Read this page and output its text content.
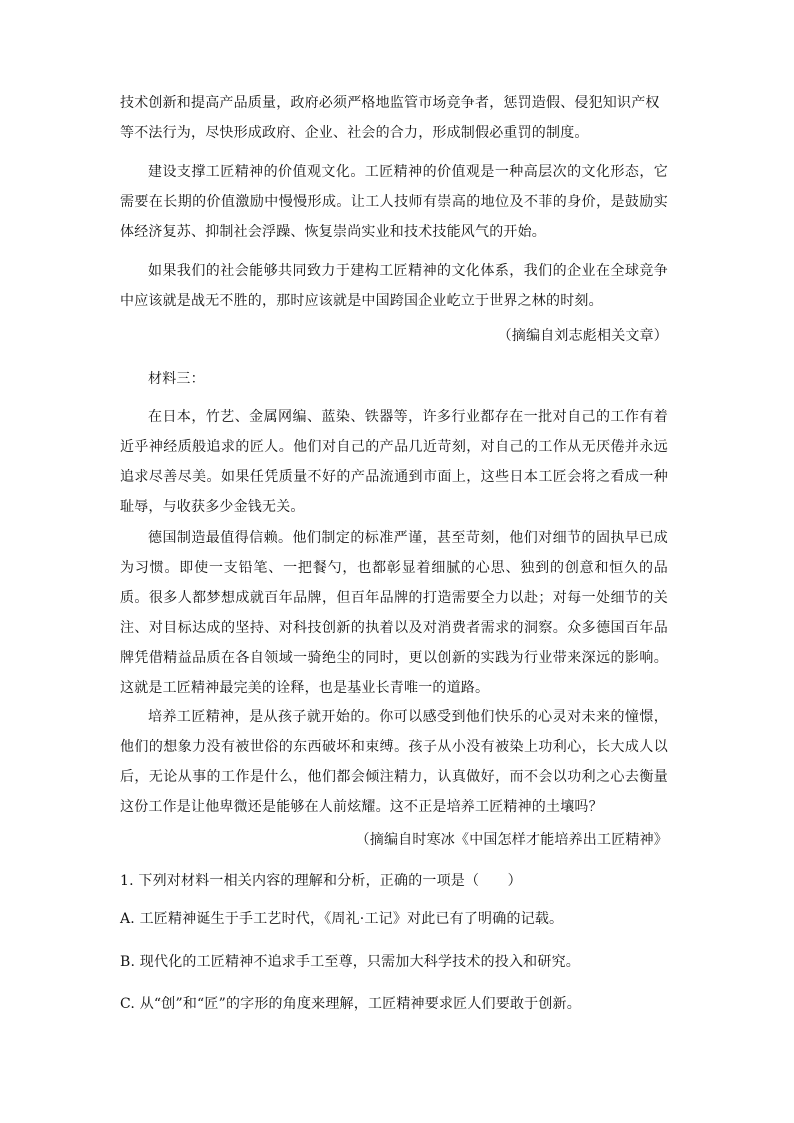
技术创新和提高产品质量，政府必须严格地监管市场竞争者，惩罚造假、侵犯知识产权等不法行为，尽快形成政府、企业、社会的合力，形成制假必重罚的制度。
建设支撑工匠精神的价值观文化。工匠精神的价值观是一种高层次的文化形态，它需要在长期的价值激励中慢慢形成。让工人技师有崇高的地位及不菲的身价，是鼓励实体经济复苏、抑制社会浮躁、恢复崇尚实业和技术技能风气的开始。
如果我们的社会能够共同致力于建构工匠精神的文化体系，我们的企业在全球竞争中应该就是战无不胜的，那时应该就是中国跨国企业屹立于世界之林的时刻。
（摘编自刘志彪相关文章）
材料三：
在日本，竹艺、金属网编、蓝染、铁器等，许多行业都存在一批对自己的工作有着近乎神经质般追求的匠人。他们对自己的产品几近苛刻，对自己的工作从无厌倦并永远追求尽善尽美。如果任凭质量不好的产品流通到市面上，这些日本工匠会将之看成一种耻辱，与收获多少金钱无关。
德国制造最值得信赖。他们制定的标准严谨，甚至苛刻，他们对细节的固执早已成为习惯。即使一支铅笔、一把餐勺，也都彰显着细腻的心思、独到的创意和恒久的品质。很多人都梦想成就百年品牌，但百年品牌的打造需要全力以赴；对每一处细节的关注、对目标达成的坚持、对科技创新的执着以及对消费者需求的洞察。众多德国百年品牌凭借精益品质在各自领域一骑绝尘的同时，更以创新的实践为行业带来深远的影响。这就是工匠精神最完美的诠释，也是基业长青唯一的道路。
培养工匠精神，是从孩子就开始的。你可以感受到他们快乐的心灵对未来的憧憬，他们的想象力没有被世俗的东西破坏和束缚。孩子从小没有被染上功利心，长大成人以后，无论从事的工作是什么，他们都会倾注精力，认真做好，而不会以功利之心去衡量这份工作是让他卑微还是能够在人前炫耀。这不正是培养工匠精神的土壤吗？
（摘编自时寒冰《中国怎样才能培养出工匠精神》
1. 下列对材料一相关内容的理解和分析，正确的一项是（　　）
A. 工匠精神诞生于手工艺时代，《周礼·工记》对此已有了明确的记载。
B. 现代化的工匠精神不追求手工至尊，只需加大科学技术的投入和研究。
C. 从“创”和“匠”的字形的角度来理解，工匠精神要求匠人们要敢于创新。
